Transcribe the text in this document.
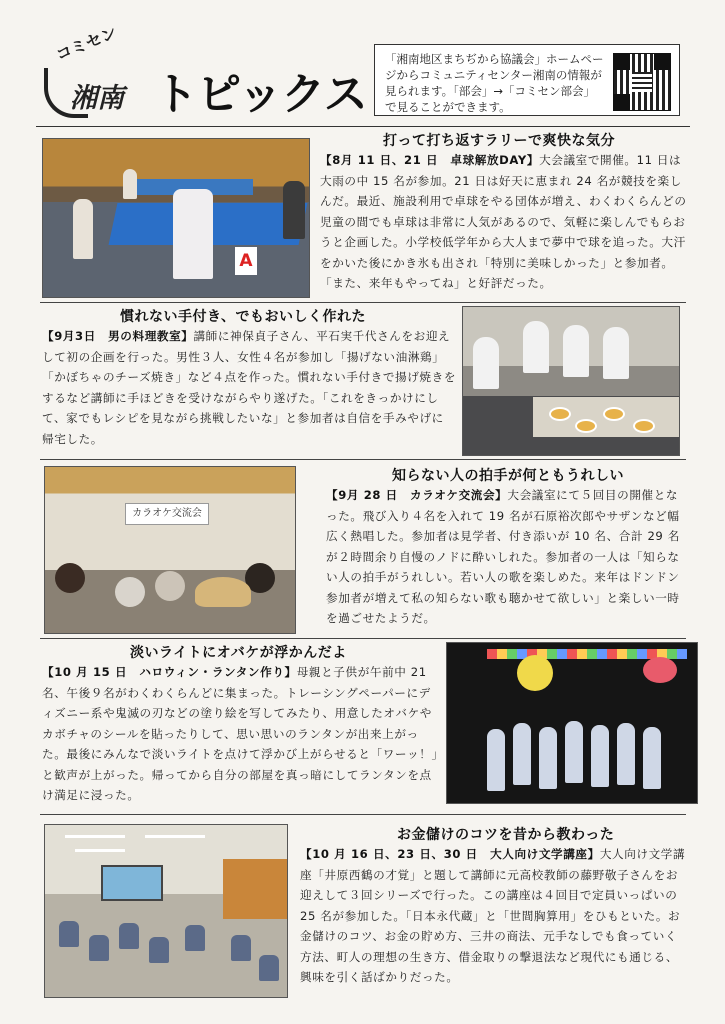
コミセン
湘南 トピックス

「湘南地区まちぢから協議会」ホームページからコミュニティセンター湘南の情報が見られます。「部会」→「コミセン部会」で見ることができます。

A
打って打ち返すラリーで爽快な気分

【8月 11 日、21 日　卓球解放DAY】大会議室で開催。11 日は大雨の中 15 名が参加。21 日は好天に恵まれ 24 名が競技を楽しんだ。最近、施設利用で卓球をやる団体が増え、わくわくらんどの児童の間でも卓球は非常に人気があるので、気軽に楽しんでもらおうと企画した。小学校低学年から大人まで夢中で球を追った。大汗をかいた後にかき氷も出され「特別に美味しかった」と参加者。「また、来年もやってね」と好評だった。

慣れない手付き、でもおいしく作れた

【9月3日　男の料理教室】講師に神保貞子さん、平石実千代さんをお迎えして初の企画を行った。男性３人、女性４名が参加し「揚げない油淋鶏」「かぼちゃのチーズ焼き」など４点を作った。慣れない手付きで揚げ焼きをするなど講師に手ほどきを受けながらやり遂げた。「これをきっかけにして、家でもレシピを見ながら挑戦したいな」と参加者は自信を手みやげに帰宅した。

カラオケ交流会
知らない人の拍手が何ともうれしい

【9月 28 日　カラオケ交流会】大会議室にて５回目の開催となった。飛び入り４名を入れて 19 名が石原裕次郎やサザンなど幅広く熱唱した。参加者は見学者、付き添いが 10 名、合計 29 名が２時間余り自慢のノドに酔いしれた。参加者の一人は「知らない人の拍手がうれしい。若い人の歌を楽しめた。来年はドンドン参加者が増えて私の知らない歌も聴かせて欲しい」と楽しい一時を過ごせたようだ。

淡いライトにオバケが浮かんだよ

【10 月 15 日　ハロウィン・ランタン作り】母親と子供が午前中 21 名、午後９名がわくわくらんどに集まった。トレーシングペーパーにディズニー系や鬼滅の刃などの塗り絵を写してみたり、用意したオバケやカボチャのシールを貼ったりして、思い思いのランタンが出来上がった。最後にみんなで淡いライトを点けて浮かび上がらせると「ワーッ！」と歓声が上がった。帰ってから自分の部屋を真っ暗にしてランタンを点け満足に浸った。

お金儲けのコツを昔から教わった

【10 月 16 日、23 日、30 日　大人向け文学講座】大人向け文学講座「井原西鶴の才覚」と題して講師に元高校教師の藤野敬子さんをお迎えして３回シリーズで行った。この講座は４回目で定員いっぱいの 25 名が参加した。「日本永代蔵」と「世間胸算用」をひもといた。お金儲けのコツ、お金の貯め方、三井の商法、元手なしでも食っていく方法、町人の理想の生き方、借金取りの撃退法など現代にも通じる、興味を引く話ばかりだった。
